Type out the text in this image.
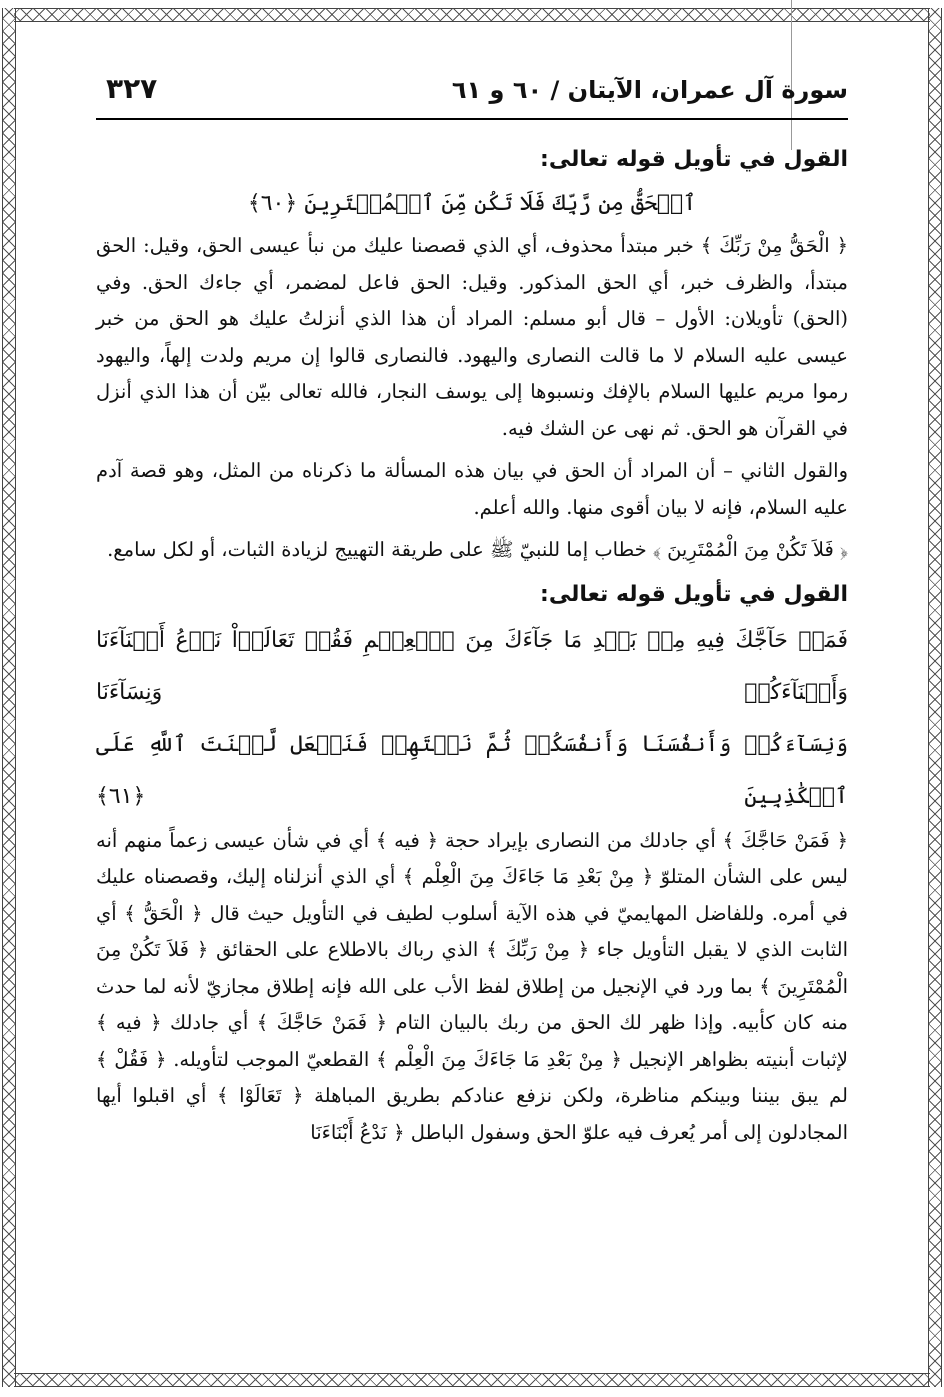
سورة آل عمران، الآيتان / ٦٠ و ٦١
٣٢٧

القول في تأويل قوله تعالى:

ٱلۡحَقُّ مِن رَّبِّكَ فَلَا تَكُن مِّنَ ٱلۡمُمۡتَرِينَ ﴿٦٠﴾

﴿ الْحَقُّ مِنْ رَبِّكَ ﴾ خبر مبتدأ محذوف، أي الذي قصصنا عليك من نبأ عيسى الحق، وقيل: الحق مبتدأ، والظرف خبر، أي الحق المذكور. وقيل: الحق فاعل لمضمر، أي جاءك الحق. وفي (الحق) تأويلان: الأول – قال أبو مسلم: المراد أن هذا الذي أنزلتُ عليك هو الحق من خبر عيسى عليه السلام لا ما قالت النصارى واليهود. فالنصارى قالوا إن مريم ولدت إلهاً، واليهود رموا مريم عليها السلام بالإفك ونسبوها إلى يوسف النجار، فالله تعالى بيّن أن هذا الذي أنزل في القرآن هو الحق. ثم نهى عن الشك فيه.

والقول الثاني – أن المراد أن الحق في بيان هذه المسألة ما ذكرناه من المثل، وهو قصة آدم عليه السلام، فإنه لا بيان أقوى منها. والله أعلم.

﴿ فَلاَ تَكُنْ مِنَ الْمُمْتَرِينَ ﴾ خطاب إما للنبيّ ﷺ على طريقة التهييج لزيادة الثبات، أو لكل سامع.

القول في تأويل قوله تعالى:

فَمَنۡ حَآجَّكَ فِيهِ مِنۢ بَعۡدِ مَا جَآءَكَ مِنَ ٱلۡعِلۡمِ فَقُلۡ تَعَالَوۡاْ نَدۡعُ أَبۡنَآءَنَا وَأَبۡنَآءَكُمۡ وَنِسَآءَنَا

وَنِسَآءَكُمۡ وَأَنفُسَنَا وَأَنفُسَكُمۡ ثُمَّ نَبۡتَهِلۡ فَنَجۡعَل لَّعۡنَتَ ٱللَّهِ عَلَى ٱلۡكَٰذِبِينَ ﴿٦١﴾

﴿ فَمَنْ حَاجَّكَ ﴾ أي جادلك من النصارى بإيراد حجة ﴿ فيه ﴾ أي في شأن عيسى زعماً منهم أنه ليس على الشأن المتلوّ ﴿ مِنْ بَعْدِ مَا جَاءَكَ مِنَ الْعِلْم ﴾ أي الذي أنزلناه إليك، وقصصناه عليك في أمره. وللفاضل المهايميّ في هذه الآية أسلوب لطيف في التأويل حيث قال ﴿ الْحَقُّ ﴾ أي الثابت الذي لا يقبل التأويل جاء ﴿ مِنْ رَبِّكَ ﴾ الذي رباك بالاطلاع على الحقائق ﴿ فَلاَ تَكُنْ مِنَ الْمُمْتَرِينَ ﴾ بما ورد في الإنجيل من إطلاق لفظ الأب على الله فإنه إطلاق مجازيّ لأنه لما حدث منه كان كأبيه. وإذا ظهر لك الحق من ربك بالبيان التام ﴿ فَمَنْ حَاجَّكَ ﴾ أي جادلك ﴿ فيه ﴾ لإثبات أبنيته بظواهر الإنجيل ﴿ مِنْ بَعْدِ مَا جَاءَكَ مِنَ الْعِلْم ﴾ القطعيّ الموجب لتأويله. ﴿ فَقُلْ ﴾ لم يبق بيننا وبينكم مناظرة، ولكن نزفع عنادكم بطريق المباهلة ﴿ تَعَالَوْا ﴾ أي اقبلوا أيها المجادلون إلى أمر يُعرف فيه علوّ الحق وسفول الباطل ﴿ نَدْعُ أَبْنَاءَنَا
